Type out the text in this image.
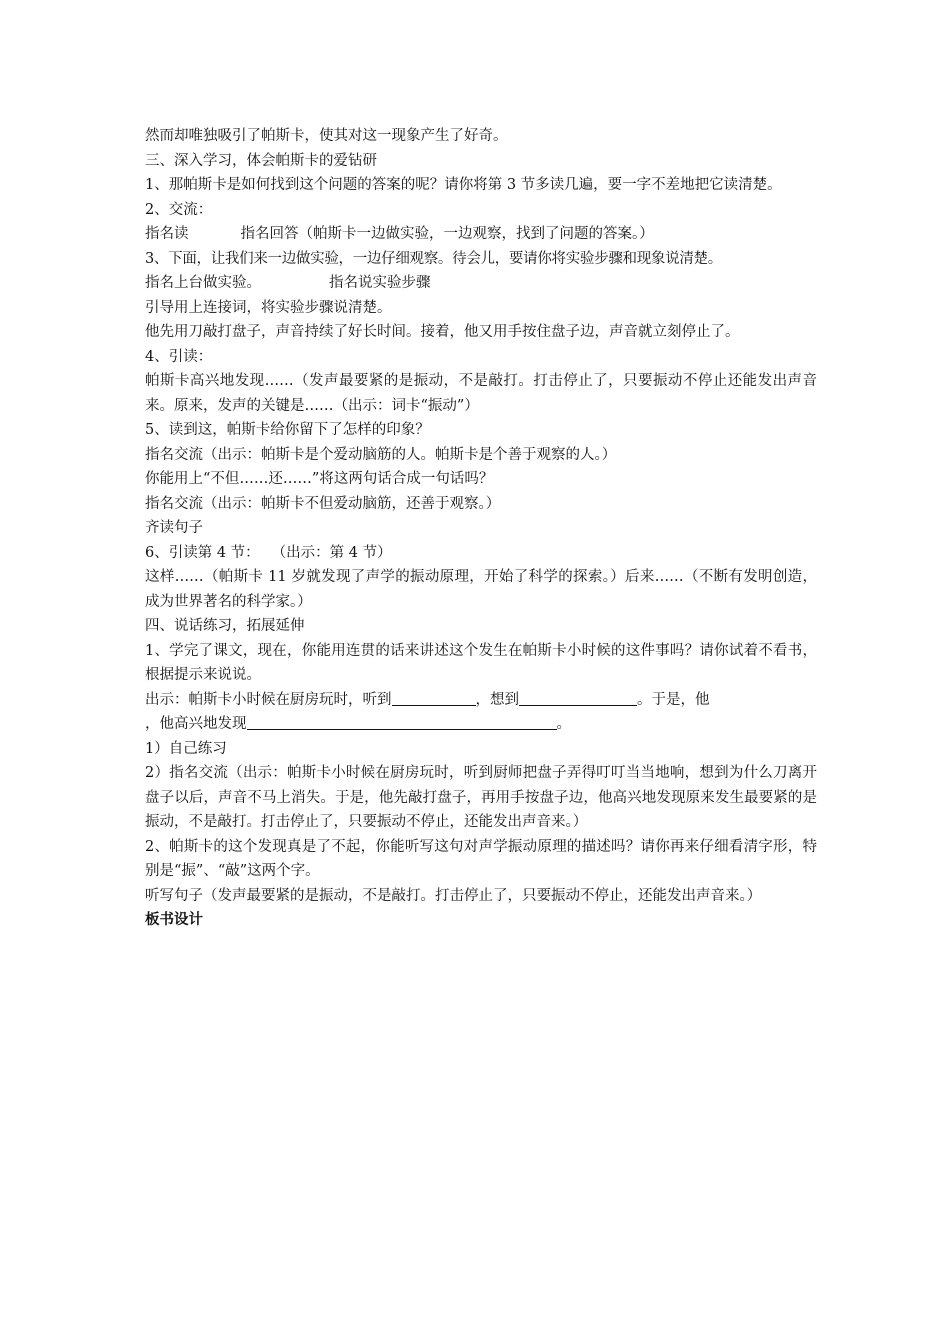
然而却唯独吸引了帕斯卡，使其对这一现象产生了好奇。
三、深入学习，体会帕斯卡的爱钻研
1、那帕斯卡是如何找到这个问题的答案的呢？请你将第 3 节多读几遍，要一字不差地把它读清楚。
2、交流：
指名读	指名回答（帕斯卡一边做实验，一边观察，找到了问题的答案。）
3、下面，让我们来一边做实验，一边仔细观察。待会儿，要请你将实验步骤和现象说清楚。
指名上台做实验。	指名说实验步骤
引导用上连接词，将实验步骤说清楚。
他先用刀敲打盘子，声音持续了好长时间。接着，他又用手按住盘子边，声音就立刻停止了。
4、引读：
帕斯卡高兴地发现……（发声最要紧的是振动，不是敲打。打击停止了，只要振动不停止还能发出声音来。原来，发声的关键是……（出示：词卡“振动”）
5、读到这，帕斯卡给你留下了怎样的印象？
指名交流（出示：帕斯卡是个爱动脑筋的人。帕斯卡是个善于观察的人。）
你能用上“不但……还……”将这两句话合成一句话吗？
指名交流（出示：帕斯卡不但爱动脑筋，还善于观察。）
齐读句子
6、引读第 4 节： （出示：第 4 节）
这样……（帕斯卡 11 岁就发现了声学的振动原理，开始了科学的探索。）后来……（不断有发明创造，成为世界著名的科学家。）
四、说话练习，拓展延伸
1、学完了课文，现在，你能用连贯的话来讲述这个发生在帕斯卡小时候的这件事吗？请你试着不看书，根据提示来说说。
出示：帕斯卡小时候在厨房玩时，听到	，想到	。于是，他
，他高兴地发现	。
1）自己练习
2）指名交流（出示：帕斯卡小时候在厨房玩时，听到厨师把盘子弄得叮叮当当地响，想到为什么刀离开盘子以后，声音不马上消失。于是，他先敲打盘子，再用手按盘子边，他高兴地发现原来发生最要紧的是振动，不是敲打。打击停止了，只要振动不停止，还能发出声音来。）
2、帕斯卡的这个发现真是了不起，你能听写这句对声学振动原理的描述吗？请你再来仔细看清字形，特别是“振”、“敲”这两个字。
听写句子（发声最要紧的是振动，不是敲打。打击停止了，只要振动不停止，还能发出声音来。）
板书设计
